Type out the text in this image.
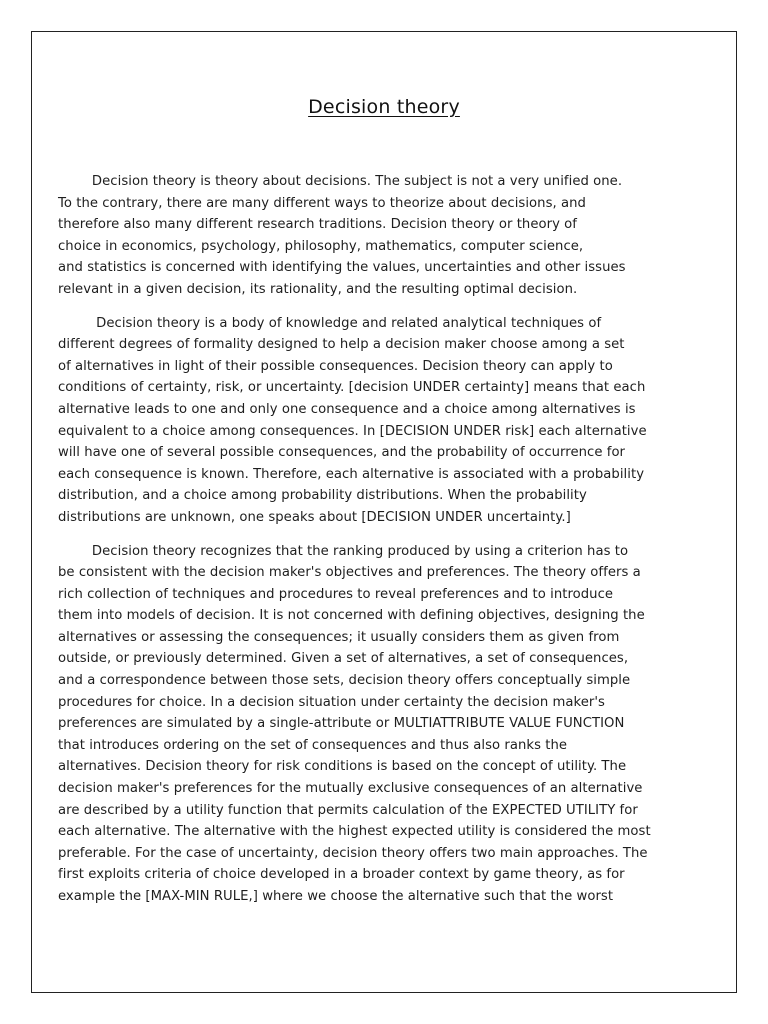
Decision theory

Decision theory is theory about decisions. The subject is not a very unified one.
To the contrary, there are many different ways to theorize about decisions, and
therefore also many different research traditions. Decision theory or theory of
choice in economics, psychology, philosophy, mathematics, computer science,
and statistics is concerned with identifying the values, uncertainties and other issues
relevant in a given decision, its rationality, and the resulting optimal decision.

Decision theory is a body of knowledge and related analytical techniques of
different degrees of formality designed to help a decision maker choose among a set
of alternatives in light of their possible consequences. Decision theory can apply to
conditions of certainty, risk, or uncertainty. [decision UNDER certainty] means that each
alternative leads to one and only one consequence and a choice among alternatives is
equivalent to a choice among consequences. In [DECISION UNDER risk] each alternative
will have one of several possible consequences, and the probability of occurrence for
each consequence is known. Therefore, each alternative is associated with a probability
distribution, and a choice among probability distributions. When the probability
distributions are unknown, one speaks about [DECISION UNDER uncertainty.]

Decision theory recognizes that the ranking produced by using a criterion has to
be consistent with the decision maker's objectives and preferences. The theory offers a
rich collection of techniques and procedures to reveal preferences and to introduce
them into models of decision. It is not concerned with defining objectives, designing the
alternatives or assessing the consequences; it usually considers them as given from
outside, or previously determined. Given a set of alternatives, a set of consequences,
and a correspondence between those sets, decision theory offers conceptually simple
procedures for choice. In a decision situation under certainty the decision maker's
preferences are simulated by a single-attribute or MULTIATTRIBUTE VALUE FUNCTION
that introduces ordering on the set of consequences and thus also ranks the
alternatives. Decision theory for risk conditions is based on the concept of utility. The
decision maker's preferences for the mutually exclusive consequences of an alternative
are described by a utility function that permits calculation of the EXPECTED UTILITY for
each alternative. The alternative with the highest expected utility is considered the most
preferable. For the case of uncertainty, decision theory offers two main approaches. The
first exploits criteria of choice developed in a broader context by game theory, as for
example the [MAX-MIN RULE,] where we choose the alternative such that the worst
